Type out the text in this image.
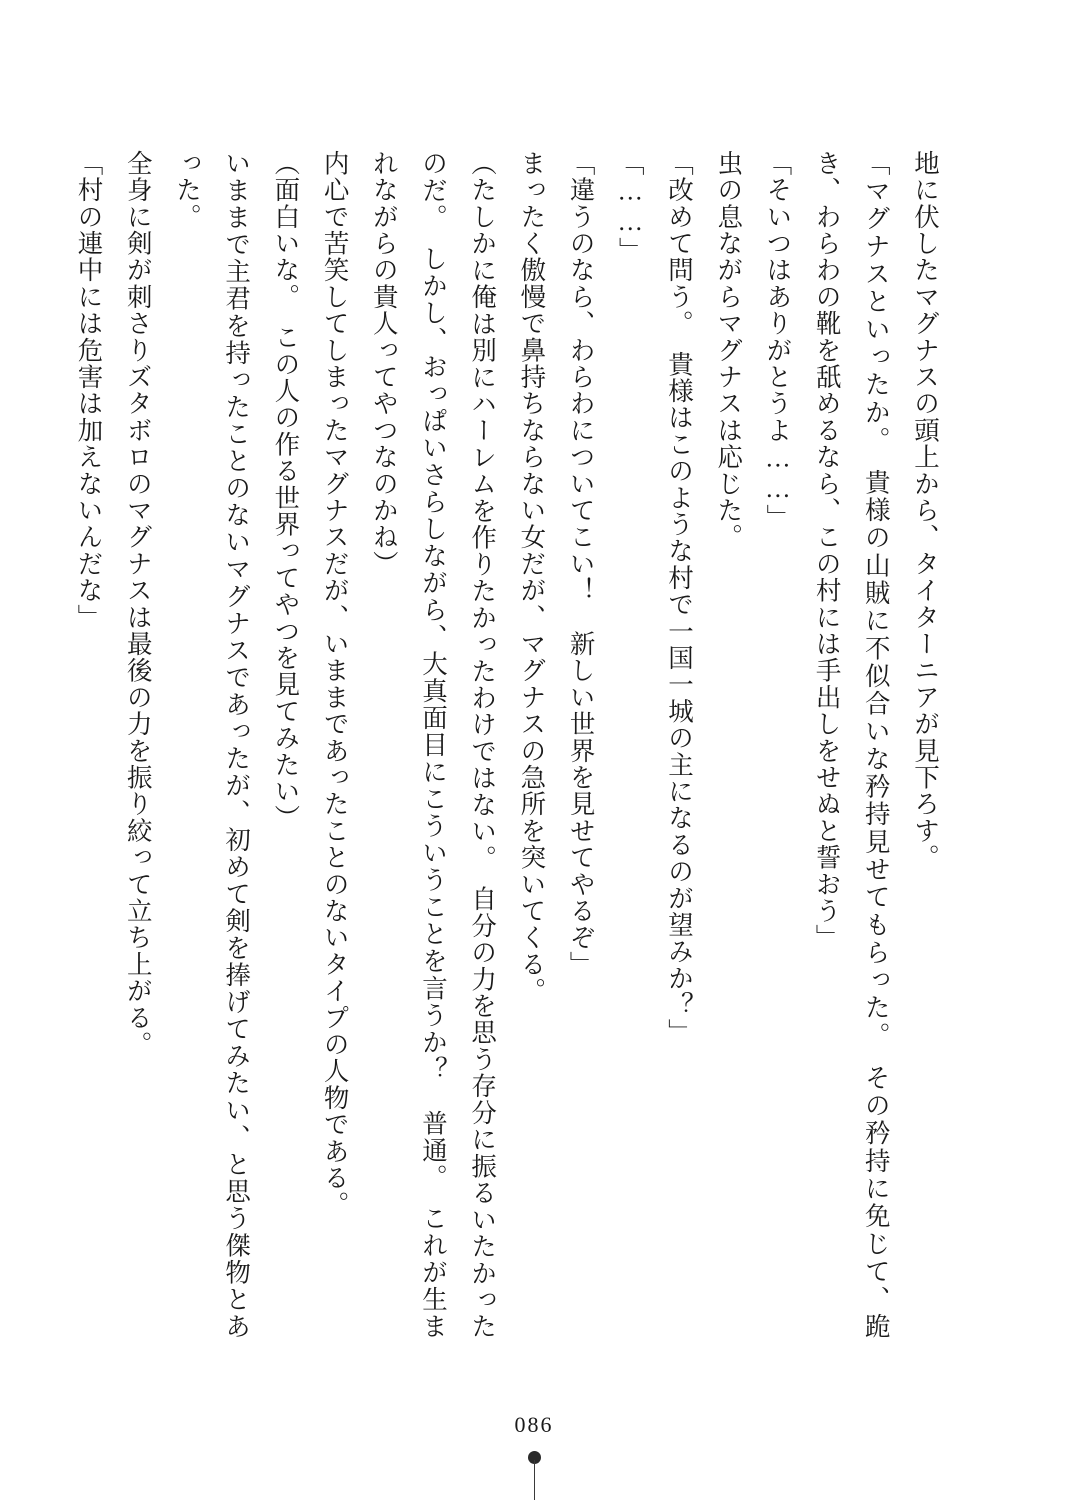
地に伏したマグナスの頭上から、タイターニアが見下ろす。

「マグナスといったか。　貴様の山賊に不似合いな矜持見せてもらった。　その矜持に免じて、跪き、わらわの靴を舐めるなら、この村には手出しをせぬと誓おう」

「そいつはありがとうよ……」

虫の息ながらマグナスは応じた。

「改めて問う。　貴様はこのような村で一国一城の主になるのが望みか？」

「……」

「違うのなら、わらわについてこい！　新しい世界を見せてやるぞ」

まったく傲慢で鼻持ちならない女だが、マグナスの急所を突いてくる。

（たしかに俺は別にハーレムを作りたかったわけではない。　自分の力を思う存分に振るいたかったのだ。　しかし、おっぱいさらしながら、大真面目にこういうことを言うか？　普通。　これが生まれながらの貴人ってやつなのかね）

内心で苦笑してしまったマグナスだが、いままであったことのないタイプの人物である。

（面白いな。　この人の作る世界ってやつを見てみたい）

いままで主君を持ったことのないマグナスであったが、初めて剣を捧げてみたい、と思う傑物とあった。

全身に剣が刺さりズタボロのマグナスは最後の力を振り絞って立ち上がる。

「村の連中には危害は加えないんだな」

086
